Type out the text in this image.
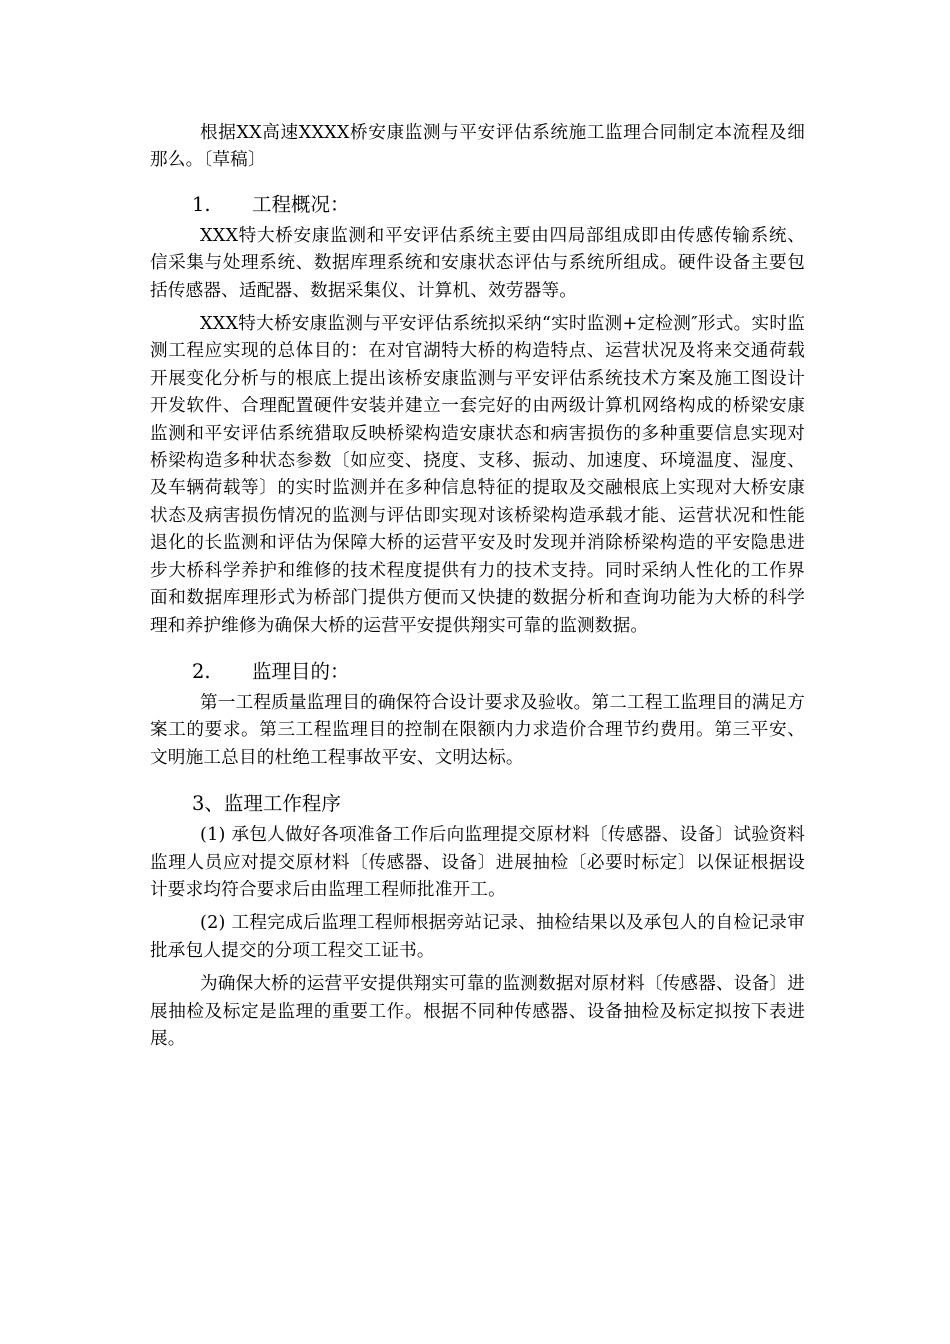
根据XX高速XXXX桥安康监测与平安评估系统施工监理合同制定本流程及细那么。〔草稿〕

1. 工程概况：

XXX特大桥安康监测和平安评估系统主要由四局部组成即由传感传输系统、信采集与处理系统、数据库理系统和安康状态评估与系统所组成。硬件设备主要包括传感器、适配器、数据采集仪、计算机、效劳器等。

XXX特大桥安康监测与平安评估系统拟采纳“实时监测+定检测″形式。实时监测工程应实现的总体目的：在对官湖特大桥的构造特点、运营状况及将来交通荷载开展变化分析与的根底上提出该桥安康监测与平安评估系统技术方案及施工图设计开发软件、合理配置硬件安装并建立一套完好的由两级计算机网络构成的桥梁安康监测和平安评估系统猎取反映桥梁构造安康状态和病害损伤的多种重要信息实现对桥梁构造多种状态参数〔如应变、挠度、支移、振动、加速度、环境温度、湿度、及车辆荷载等〕的实时监测并在多种信息特征的提取及交融根底上实现对大桥安康状态及病害损伤情况的监测与评估即实现对该桥梁构造承载才能、运营状况和性能退化的长监测和评估为保障大桥的运营平安及时发现并消除桥梁构造的平安隐患进步大桥科学养护和维修的技术程度提供有力的技术支持。同时采纳人性化的工作界面和数据库理形式为桥部门提供方便而又快捷的数据分析和查询功能为大桥的科学理和养护维修为确保大桥的运营平安提供翔实可靠的监测数据。

2. 监理目的：

第一工程质量监理目的确保符合设计要求及验收。第二工程工监理目的满足方案工的要求。第三工程监理目的控制在限额内力求造价合理节约费用。第三平安、文明施工总目的杜绝工程事故平安、文明达标。

3、监理工作程序

(1) 承包人做好各项准备工作后向监理提交原材料〔传感器、设备〕试验资料监理人员应对提交原材料〔传感器、设备〕进展抽检〔必要时标定〕以保证根据设计要求均符合要求后由监理工程师批准开工。

(2) 工程完成后监理工程师根据旁站记录、抽检结果以及承包人的自检记录审批承包人提交的分项工程交工证书。

为确保大桥的运营平安提供翔实可靠的监测数据对原材料〔传感器、设备〕进展抽检及标定是监理的重要工作。根据不同种传感器、设备抽检及标定拟按下表进展。
